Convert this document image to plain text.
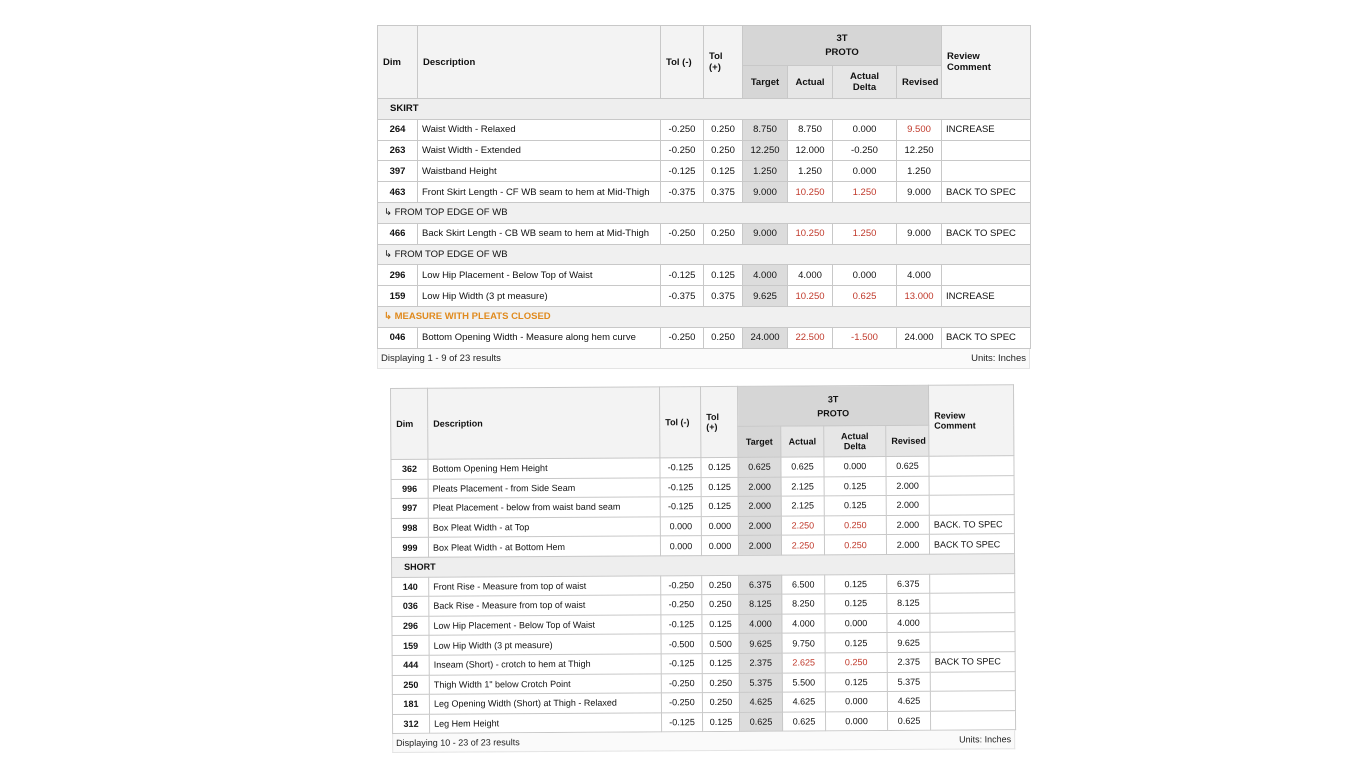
Dim	Description	Tol (-)	Tol (+)	3T
PROTO				Review Comment
				Target	Actual	Actual Delta	Revised	
SKIRT								
264	Waist Width - Relaxed	-0.250	0.250	8.750	8.750	0.000	9.500	INCREASE
263	Waist Width - Extended	-0.250	0.250	12.250	12.000	-0.250	12.250	
397	Waistband Height	-0.125	0.125	1.250	1.250	0.000	1.250	
463	Front Skirt Length - CF WB seam to hem at Mid-Thigh	-0.375	0.375	9.000	10.250	1.250	9.000	BACK TO SPEC
↳ FROM TOP EDGE OF WB								
466	Back Skirt Length - CB WB seam to hem at Mid-Thigh	-0.250	0.250	9.000	10.250	1.250	9.000	BACK TO SPEC
↳ FROM TOP EDGE OF WB								
296	Low Hip Placement - Below Top of Waist	-0.125	0.125	4.000	4.000	0.000	4.000	
159	Low Hip Width (3 pt measure)	-0.375	0.375	9.625	10.250	0.625	13.000	INCREASE
↳ MEASURE WITH PLEATS CLOSED								
046	Bottom Opening Width - Measure along hem curve	-0.250	0.250	24.000	22.500	-1.500	24.000	BACK TO SPEC
Displaying 1 - 9 of 23 results	Units: Inches
Dim	Description	Tol (-)	Tol (+)	3T
PROTO				Review Comment
				Target	Actual	Actual Delta	Revised	
362	Bottom Opening Hem Height	-0.125	0.125	0.625	0.625	0.000	0.625	
996	Pleats Placement - from Side Seam	-0.125	0.125	2.000	2.125	0.125	2.000	
997	Pleat Placement - below from waist band seam	-0.125	0.125	2.000	2.125	0.125	2.000	
998	Box Pleat Width - at Top	0.000	0.000	2.000	2.250	0.250	2.000	BACK. TO SPEC
999	Box Pleat Width - at Bottom Hem	0.000	0.000	2.000	2.250	0.250	2.000	BACK TO SPEC
SHORT								
140	Front Rise - Measure from top of waist	-0.250	0.250	6.375	6.500	0.125	6.375	
036	Back Rise - Measure from top of waist	-0.250	0.250	8.125	8.250	0.125	8.125	
296	Low Hip Placement - Below Top of Waist	-0.125	0.125	4.000	4.000	0.000	4.000	
159	Low Hip Width (3 pt measure)	-0.500	0.500	9.625	9.750	0.125	9.625	
444	Inseam (Short) - crotch to hem at Thigh	-0.125	0.125	2.375	2.625	0.250	2.375	BACK TO SPEC
250	Thigh Width 1" below Crotch Point	-0.250	0.250	5.375	5.500	0.125	5.375	
181	Leg Opening Width (Short) at Thigh - Relaxed	-0.250	0.250	4.625	4.625	0.000	4.625	
312	Leg Hem Height	-0.125	0.125	0.625	0.625	0.000	0.625	
Displaying 10 - 23 of 23 results	Units: Inches
